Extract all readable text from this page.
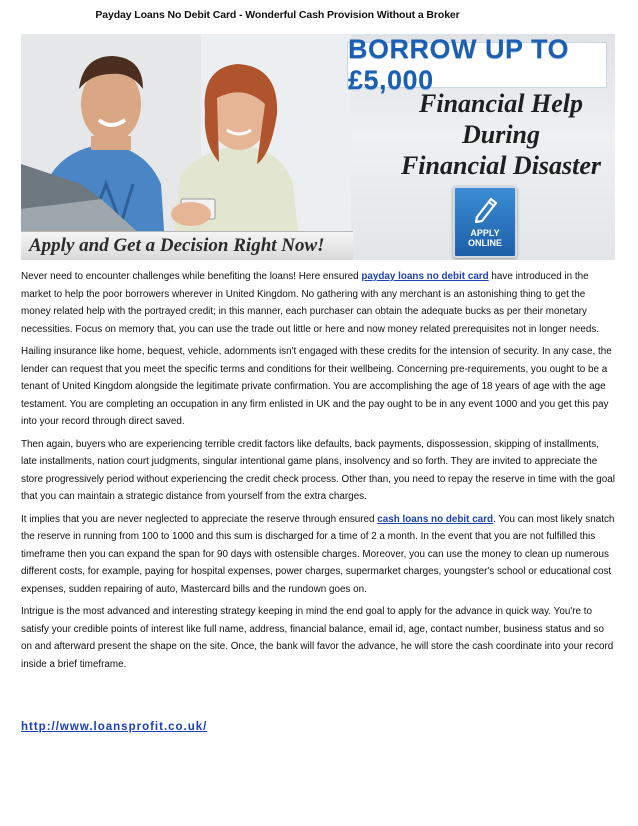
Payday Loans No Debit Card - Wonderful Cash Provision Without a Broker
BORROW UP TO £5,000
Financial Help During
Financial Disaster
APPLY
ONLINE
Apply and Get a Decision Right Now!

Never need to encounter challenges while benefiting the loans! Here ensured payday loans no debit card have introduced in the market to help the poor borrowers wherever in United Kingdom. No gathering with any merchant is an astonishing thing to get the money related help with the portrayed credit; in this manner, each purchaser can obtain the adequate bucks as per their monetary necessities. Focus on memory that, you can use the trade out little or here and now money related prerequisites not in longer needs.

Hailing insurance like home, bequest, vehicle, adornments isn't engaged with these credits for the intension of security. In any case, the lender can request that you meet the specific terms and conditions for their wellbeing. Concerning pre-requirements, you ought to be a tenant of United Kingdom alongside the legitimate private confirmation. You are accomplishing the age of 18 years of age with the age testament. You are completing an occupation in any firm enlisted in UK and the pay ought to be in any event 1000 and you get this pay into your record through direct saved.

Then again, buyers who are experiencing terrible credit factors like defaults, back payments, dispossession, skipping of installments, late installments, nation court judgments, singular intentional game plans, insolvency and so forth. They are invited to appreciate the store progressively period without experiencing the credit check process. Other than, you need to repay the reserve in time with the goal that you can maintain a strategic distance from yourself from the extra charges.

It implies that you are never neglected to appreciate the reserve through ensured cash loans no debit card. You can most likely snatch the reserve in running from 100 to 1000 and this sum is discharged for a time of 2 a month. In the event that you are not fulfilled this timeframe then you can expand the span for 90 days with ostensible charges. Moreover, you can use the money to clean up numerous different costs, for example, paying for hospital expenses, power charges, supermarket charges, youngster's school or educational cost expenses, sudden repairing of auto, Mastercard bills and the rundown goes on.

Intrigue is the most advanced and interesting strategy keeping in mind the end goal to apply for the advance in quick way. You're to satisfy your credible points of interest like full name, address, financial balance, email id, age, contact number, business status and so on and afterward present the shape on the site. Once, the bank will favor the advance, he will store the cash coordinate into your record inside a brief timeframe.

http://www.loansprofit.co.uk/
